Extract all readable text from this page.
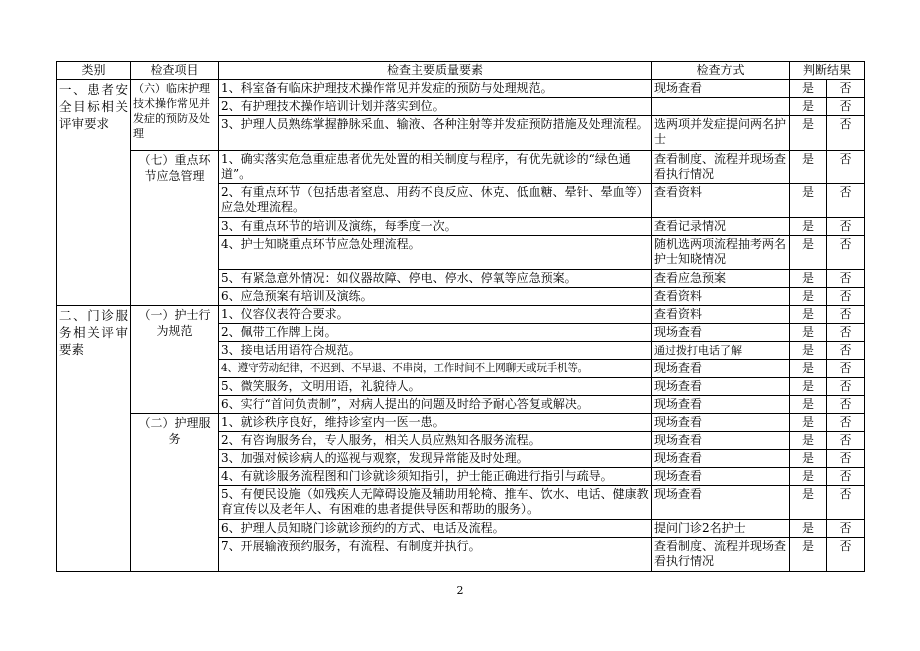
类别	检查项目	检查主要质量要素	检查方式	判断结果	
一、患者安全目标相关评审要求	（六）临床护理技术操作常见并发症的预防及处理	1、科室备有临床护理技术操作常见并发症的预防与处理规范。	现场查看	是	否
		2、有护理技术操作培训计划并落实到位。		是	否
		3、护理人员熟练掌握静脉采血、输液、各种注射等并发症预防措施及处理流程。	选两项并发症提问两名护士	是	否
	（七）重点环节应急管理	1、确实落实危急重症患者优先处置的相关制度与程序，有优先就诊的“绿色通道”。	查看制度、流程并现场查看执行情况	是	否
		2、有重点环节（包括患者窒息、用药不良反应、休克、低血糖、晕针、晕血等）应急处理流程。	查看资料	是	否
		3、有重点环节的培训及演练，每季度一次。	查看记录情况	是	否
		4、护士知晓重点环节应急处理流程。	随机选两项流程抽考两名护士知晓情况	是	否
		5、有紧急意外情况：如仪器故障、停电、停水、停氧等应急预案。	查看应急预案	是	否
		6、应急预案有培训及演练。	查看资料	是	否
二、门诊服务相关评审要素	（一）护士行为规范	1、仪容仪表符合要求。	查看资料	是	否
		2、佩带工作牌上岗。	现场查看	是	否
		3、接电话用语符合规范。	通过拨打电话了解	是	否
		4、遵守劳动纪律，不迟到、不早退、不串岗，工作时间不上网聊天或玩手机等。	现场查看	是	否
		5、微笑服务，文明用语，礼貌待人。	现场查看	是	否
		6、实行“首问负责制”，对病人提出的问题及时给予耐心答复或解决。	现场查看	是	否
	（二）护理服务	1、就诊秩序良好，维持诊室内一医一患。	现场查看	是	否
		2、有咨询服务台，专人服务，相关人员应熟知各服务流程。	现场查看	是	否
		3、加强对候诊病人的巡视与观察，发现异常能及时处理。	现场查看	是	否
		4、有就诊服务流程图和门诊就诊须知指引，护士能正确进行指引与疏导。	现场查看	是	否
		5、有便民设施（如残疾人无障碍设施及辅助用轮椅、推车、饮水、电话、健康教育宣传以及老年人、有困难的患者提供导医和帮助的服务）。	现场查看	是	否
		6、护理人员知晓门诊就诊预约的方式、电话及流程。	提问门诊2名护士	是	否
		7、开展输液预约服务，有流程、有制度并执行。	查看制度、流程并现场查看执行情况	是	否
2
